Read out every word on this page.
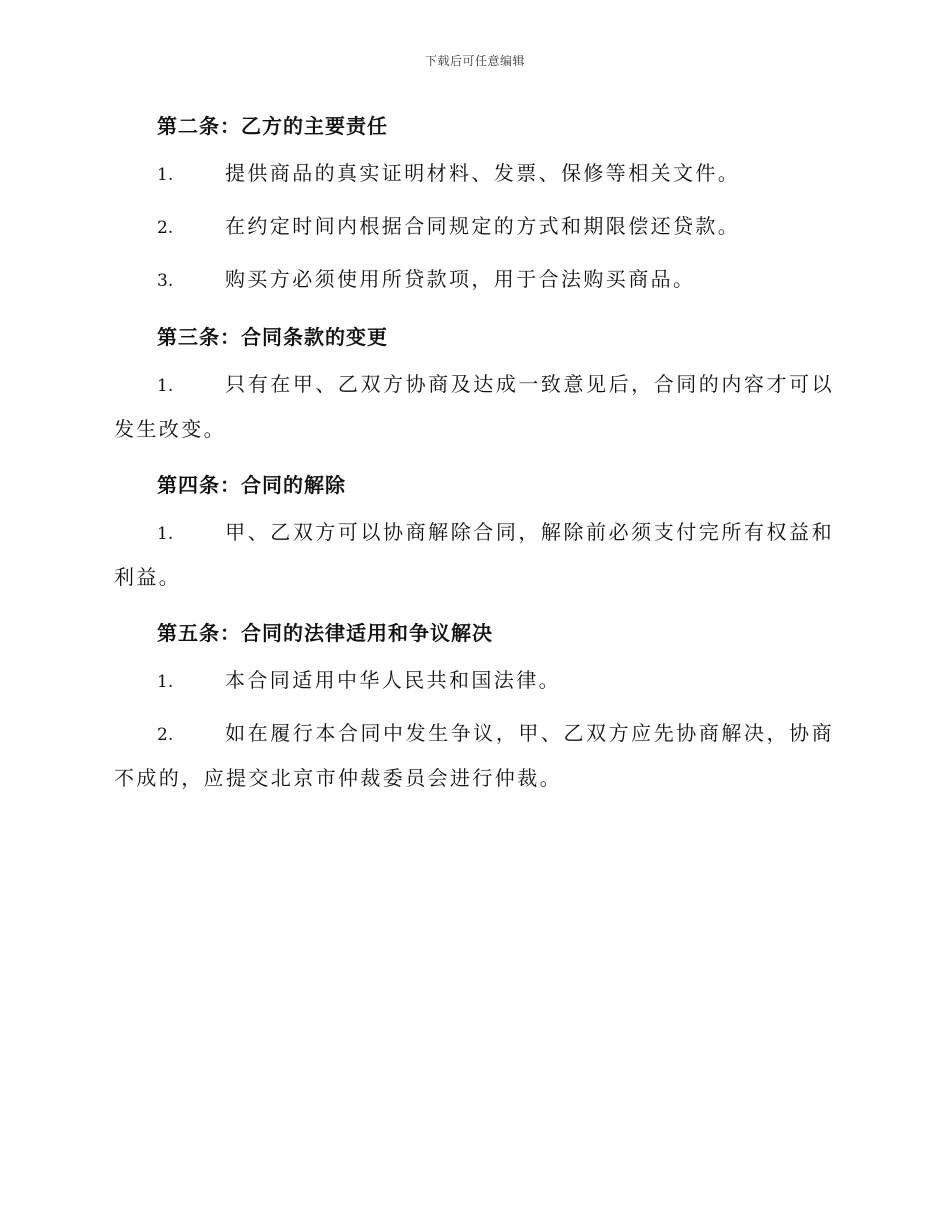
下载后可任意编辑
第二条：乙方的主要责任
1.	提供商品的真实证明材料、发票、保修等相关文件。
2.	在约定时间内根据合同规定的方式和期限偿还贷款。
3.	购买方必须使用所贷款项，用于合法购买商品。
第三条：合同条款的变更
1.	只有在甲、乙双方协商及达成一致意见后，合同的内容才可以发生改变。
第四条：合同的解除
1.	甲、乙双方可以协商解除合同，解除前必须支付完所有权益和利益。
第五条：合同的法律适用和争议解决
1.	本合同适用中华人民共和国法律。
2.	如在履行本合同中发生争议，甲、乙双方应先协商解决，协商不成的，应提交北京市仲裁委员会进行仲裁。
